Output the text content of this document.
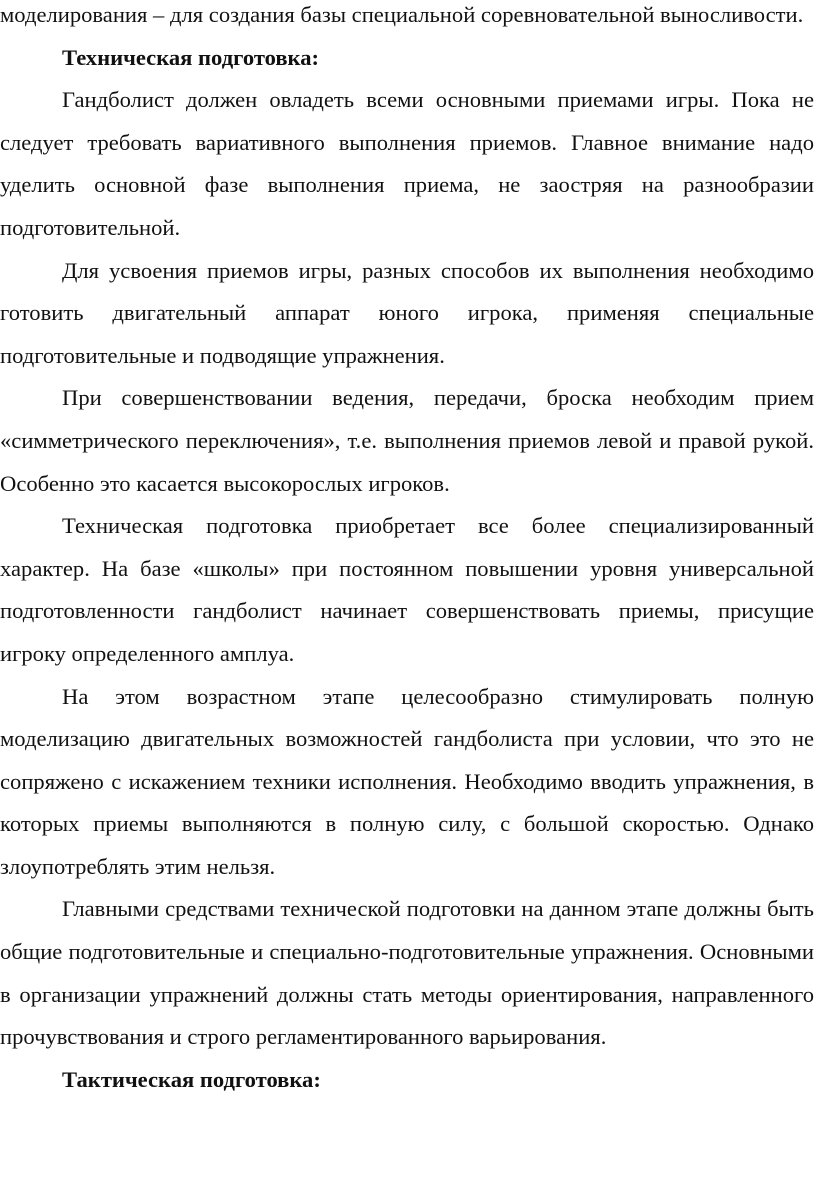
моделирования – для создания базы специальной соревновательной выносливости.

Техническая подготовка:

Гандболист должен овладеть всеми основными приемами игры. Пока не следует требовать вариативного выполнения приемов. Главное внимание надо уделить основной фазе выполнения приема, не заостряя на разнообразии подготовительной.

Для усвоения приемов игры, разных способов их выполнения необходимо готовить двигательный аппарат юного игрока, применяя специальные подготовительные и подводящие упражнения.

При совершенствовании ведения, передачи, броска необходим прием «симметрического переключения», т.е. выполнения приемов левой и правой рукой. Особенно это касается высокорослых игроков.

Техническая подготовка приобретает все более специализированный характер. На базе «школы» при постоянном повышении уровня универсальной подготовленности гандболист начинает совершенствовать приемы, присущие игроку определенного амплуа.

На этом возрастном этапе целесообразно стимулировать полную моделизацию двигательных возможностей гандболиста при условии, что это не сопряжено с искажением техники исполнения. Необходимо вводить упражнения, в которых приемы выполняются в полную силу, с большой скоростью. Однако злоупотреблять этим нельзя.

Главными средствами технической подготовки на данном этапе должны быть общие подготовительные и специально-подготовительные упражнения. Основными в организации упражнений должны стать методы ориентирования, направленного прочувствования и строго регламентированного варьирования.

Тактическая подготовка:
